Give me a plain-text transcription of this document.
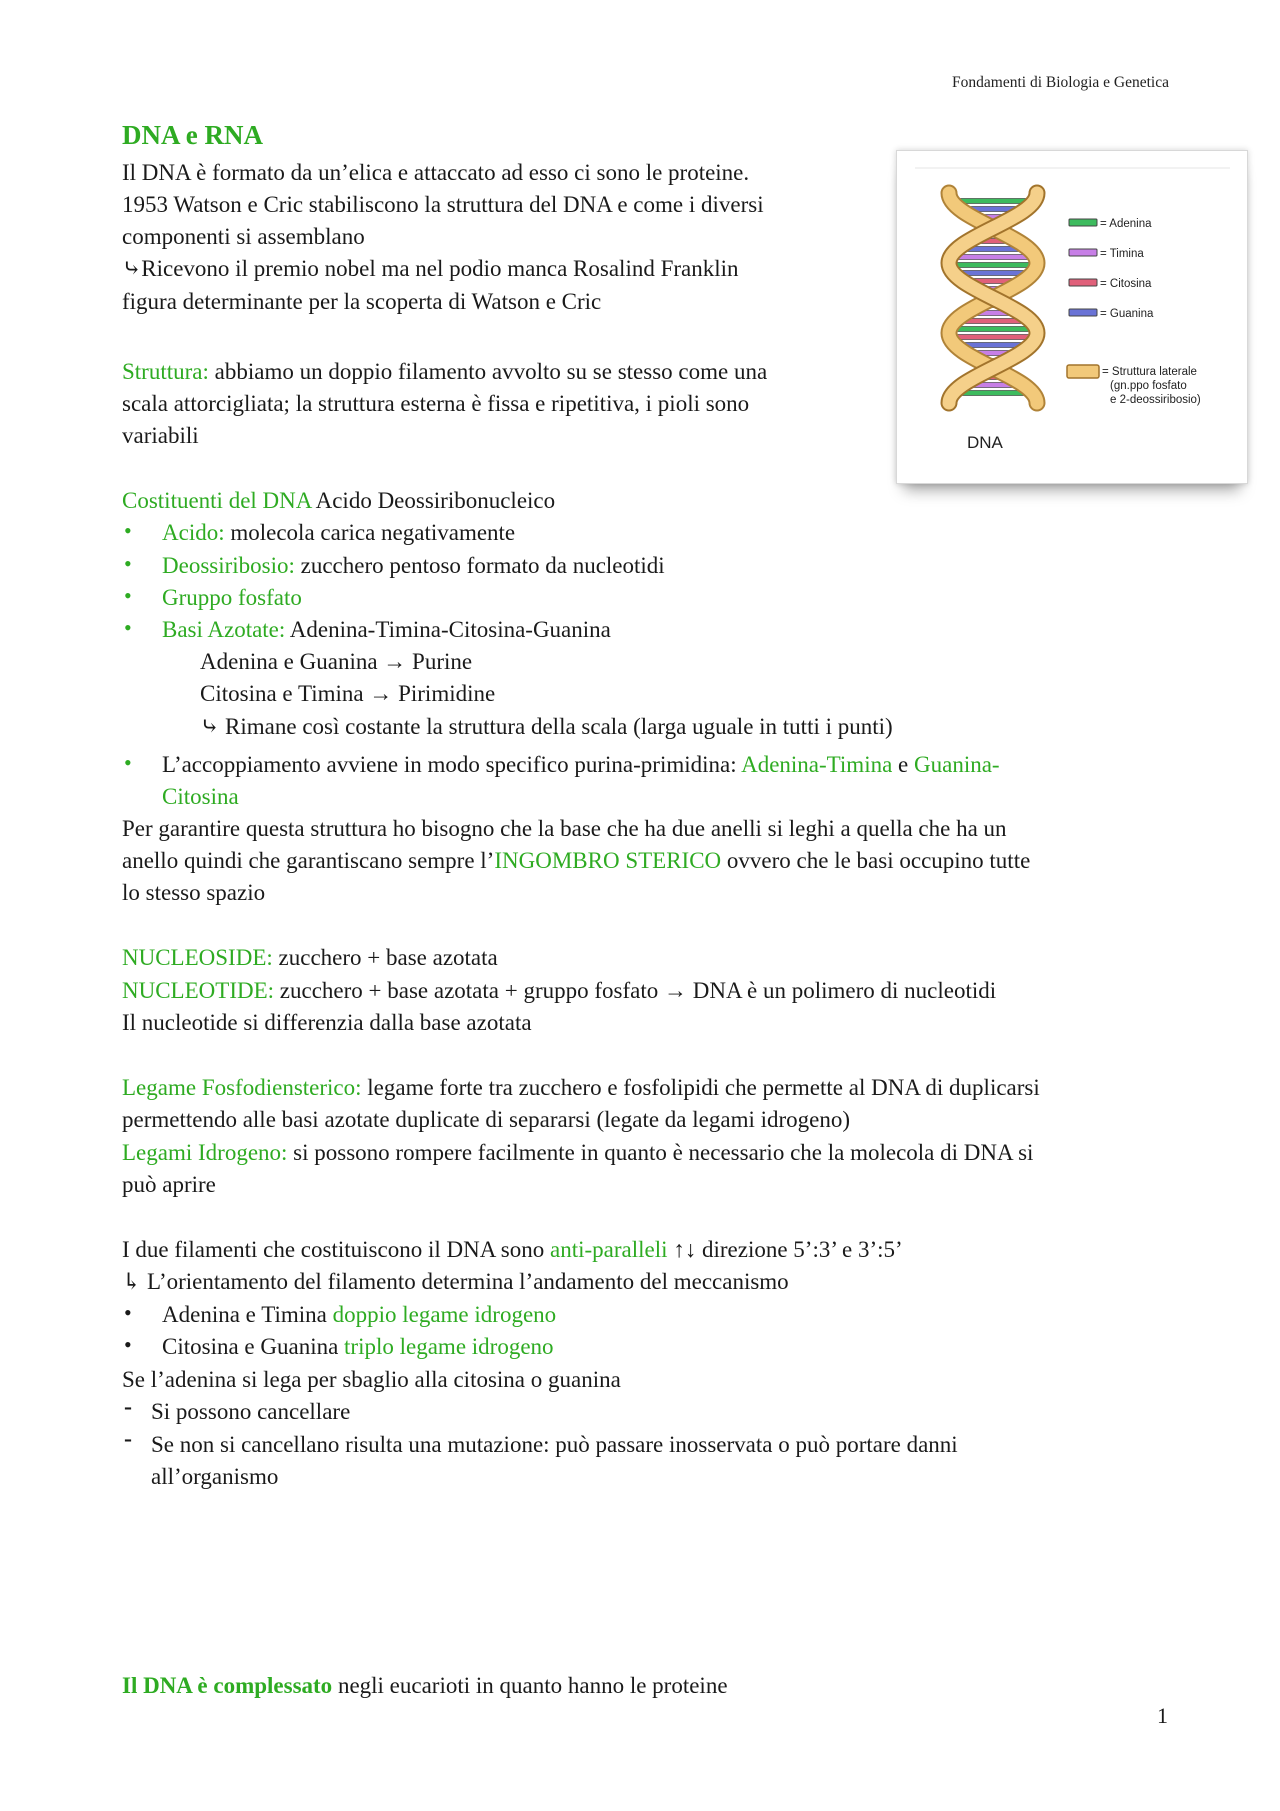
Fondamenti di Biologia e Genetica
DNA e RNA
Il DNA è formato da un’elica e attaccato ad esso ci sono le proteine.
1953 Watson e Cric stabiliscono la struttura del DNA e come i diversi
componenti si assemblano
⤷Ricevono il premio nobel ma nel podio manca Rosalind Franklin
figura determinante per la scoperta di Watson e Cric
Struttura: abbiamo un doppio filamento avvolto su se stesso come una
scala attorcigliata; la struttura esterna è fissa e ripetitiva, i pioli sono
variabili
Costituenti del DNA Acido Deossiribonucleico
• Acido: molecola carica negativamente
• Deossiribosio: zucchero pentoso formato da nucleotidi
• Gruppo fosfato
• Basi Azotate: Adenina-Timina-Citosina-Guanina
Adenina e Guanina → Purine
Citosina e Timina → Pirimidine
⤷ Rimane così costante la struttura della scala (larga uguale in tutti i punti)
• L’accoppiamento avviene in modo specifico purina-primidina: Adenina-Timina e Guanina-
Citosina
Per garantire questa struttura ho bisogno che la base che ha due anelli si leghi a quella che ha un
anello quindi che garantiscano sempre l’INGOMBRO STERICO ovvero che le basi occupino tutte
lo stesso spazio
NUCLEOSIDE: zucchero + base azotata
NUCLEOTIDE: zucchero + base azotata + gruppo fosfato → DNA è un polimero di nucleotidi
Il nucleotide si differenzia dalla base azotata
Legame Fosfodiensterico: legame forte tra zucchero e fosfolipidi che permette al DNA di duplicarsi
permettendo alle basi azotate duplicate di separarsi (legate da legami idrogeno)
Legami Idrogeno: si possono rompere facilmente in quanto è necessario che la molecola di DNA si
può aprire
I due filamenti che costituiscono il DNA sono anti-paralleli ↑↓ direzione 5’:3’ e 3’:5’
↳ L’orientamento del filamento determina l’andamento del meccanismo
• Adenina e Timina doppio legame idrogeno
• Citosina e Guanina triplo legame idrogeno
Se l’adenina si lega per sbaglio alla citosina o guanina
- Si possono cancellare
- Se non si cancellano risulta una mutazione: può passare inosservata o può portare danni
all’organismo
Il DNA è complessato negli eucarioti in quanto hanno le proteine
1
= Adenina
= Timina
= Citosina
= Guanina
= Struttura laterale
(gn.ppo fosfato
e 2-deossiribosio)
DNA
